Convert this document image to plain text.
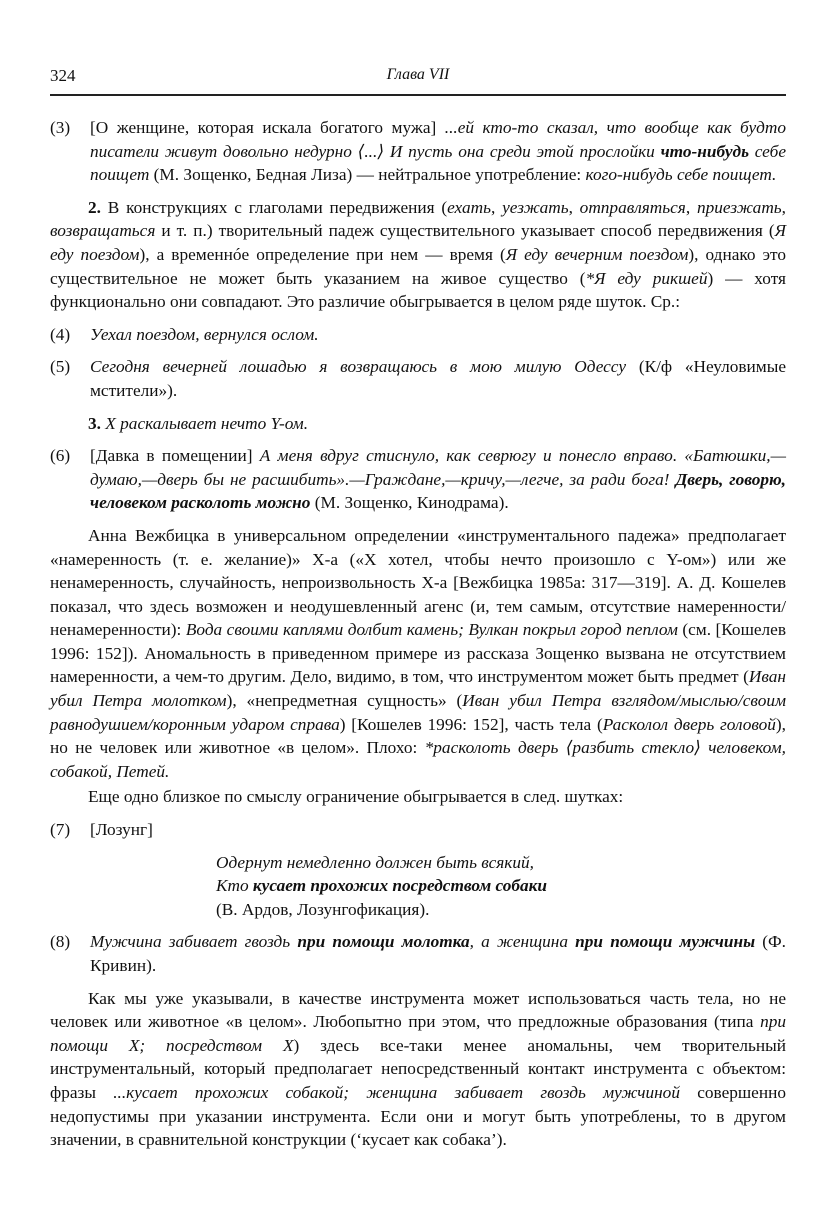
324	Глава VII
(3)	[О женщине, которая искала богатого мужа] ...ей кто-то сказал, что вообще как будто писатели живут довольно недурно ⟨...⟩ И пусть она среди этой прослойки что-нибудь себе поищет (М. Зощенко, Бедная Лиза) — нейтральное употребление: кого-нибудь себе поищет.
2. В конструкциях с глаголами передвижения (ехать, уезжать, отправляться, приезжать, возвращаться и т. п.) творительный падеж существительного указывает способ передвижения (Я еду поездом), а временнóе определение при нем — время (Я еду вечерним поездом), однако это существительное не может быть указанием на живое существо (*Я еду рикшей) — хотя функционально они совпадают. Это различие обыгрывается в целом ряде шуток. Ср.:
(4)	Уехал поездом, вернулся ослом.
(5)	Сегодня вечерней лошадью я возвращаюсь в мою милую Одессу (К/ф «Неуловимые мстители»).
3. X раскалывает нечто Y-ом.
(6)	[Давка в помещении] А меня вдруг стиснуло, как севрюгу и понесло вправо. «Батюшки,—думаю,—дверь бы не расшибить».—Граждане,—кричу,—легче, за ради бога! Дверь, говорю, человеком расколоть можно (М. Зощенко, Кинодрама).
Анна Вежбицка в универсальном определении «инструментального падежа» предполагает «намеренность (т. е. желание)» X-а («X хотел, чтобы нечто произошло с Y-ом») или же ненамеренность, случайность, непроизвольность X-а [Вежбицка 1985а: 317—319]. А. Д. Кошелев показал, что здесь возможен и неодушевленный агенс (и, тем самым, отсутствие намеренности/ненамеренности): Вода своими каплями долбит камень; Вулкан покрыл город пеплом (см. [Кошелев 1996: 152]). Аномальность в приведенном примере из рассказа Зощенко вызвана не отсутствием намеренности, а чем-то другим. Дело, видимо, в том, что инструментом может быть предмет (Иван убил Петра молотком), «непредметная сущность» (Иван убил Петра взглядом/мыслью/своим равнодушием/коронным ударом справа) [Кошелев 1996: 152], часть тела (Расколол дверь головой), но не человек или животное «в целом». Плохо: *расколоть дверь ⟨разбить стекло⟩ человеком, собакой, Петей.
Еще одно близкое по смыслу ограничение обыгрывается в след. шутках:
(7)	[Лозунг]
Одернут немедленно должен быть всякий,
Кто кусает прохожих посредством собаки
(В. Ардов, Лозунгофикация).
(8)	Мужчина забивает гвоздь при помощи молотка, а женщина при помощи мужчины (Ф. Кривин).
Как мы уже указывали, в качестве инструмента может использоваться часть тела, но не человек или животное «в целом». Любопытно при этом, что предложные образования (типа при помощи X; посредством X) здесь все-таки менее аномальны, чем творительный инструментальный, который предполагает непосредственный контакт инструмента с объектом: фразы ...кусает прохожих собакой; женщина забивает гвоздь мужчиной совершенно недопустимы при указании инструмента. Если они и могут быть употреблены, то в другом значении, в сравнительной конструкции (‘кусает как собака’).
